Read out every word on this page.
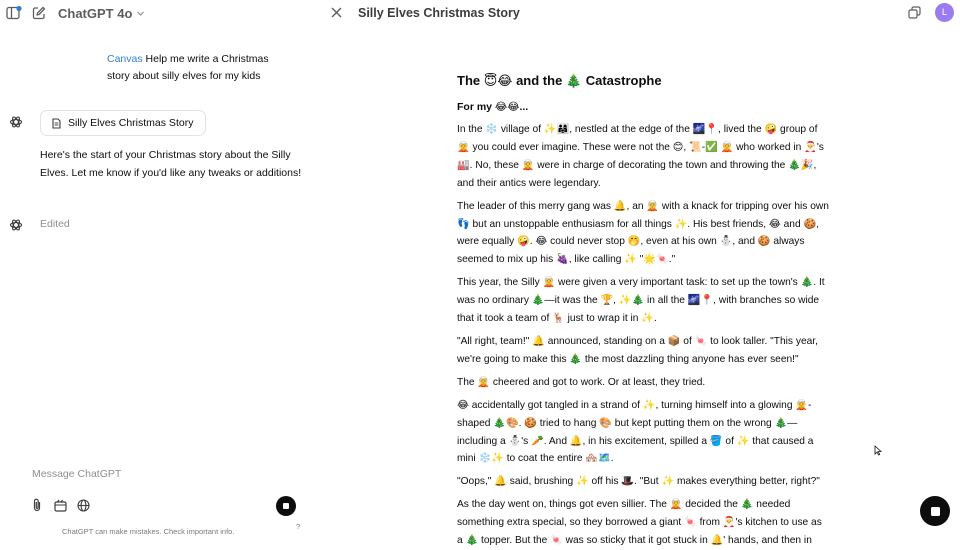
ChatGPT 4o
Canvas Help me write a Christmas story about silly elves for my kids
Silly Elves Christmas Story
Here's the start of your Christmas story about the Silly Elves. Let me know if you'd like any tweaks or additions!
Edited
Message ChatGPT
ChatGPT can make mistakes. Check important info.
?
Silly Elves Christmas Story	L
The 😇😂 and the 🎄 Catastrophe
For my 😂😂...

In the ❄️ village of ✨👨‍👩‍👧, nestled at the edge of the 🌌📍, lived the 🤪 group of 🧝 you could ever imagine. These were not the 😊, 📜-✅ 🧝 who worked in 🎅's 🏭. No, these 🧝 were in charge of decorating the town and throwing the 🎄🎉, and their antics were legendary.

The leader of this merry gang was 🔔, an 🧝 with a knack for tripping over his own 👣 but an unstoppable enthusiasm for all things ✨. His best friends, 😂 and 🍪, were equally 🤪. 😂 could never stop 🤭, even at his own ⛄, and 🍪 always seemed to mix up his 🍇, like calling ✨ "🌟🍬."

This year, the Silly 🧝 were given a very important task: to set up the town's 🎄. It was no ordinary 🎄—it was the 🏆, ✨🎄 in all the 🌌📍, with branches so wide that it took a team of 🦌 just to wrap it in ✨.

"All right, team!" 🔔 announced, standing on a 📦 of 🍬 to look taller. "This year, we're going to make this 🎄 the most dazzling thing anyone has ever seen!"

The 🧝 cheered and got to work. Or at least, they tried.

😂 accidentally got tangled in a strand of ✨, turning himself into a glowing 🧝-shaped 🎄🎨. 🍪 tried to hang 🎨 but kept putting them on the wrong 🎄—including a ⛄'s 🥕. And 🔔, in his excitement, spilled a 🪣 of ✨ that caused a mini ❄️✨ to coat the entire 🏘️🗺️.

"Oops," 🔔 said, brushing ✨ off his 🎩. "But ✨ makes everything better, right?"

As the day went on, things got even sillier. The 🧝 decided the 🎄 needed something extra special, so they borrowed a giant 🍬 from 🎅's kitchen to use as a 🎄 topper. But the 🍬 was so sticky that it got stuck in 🔔' hands, and then in
